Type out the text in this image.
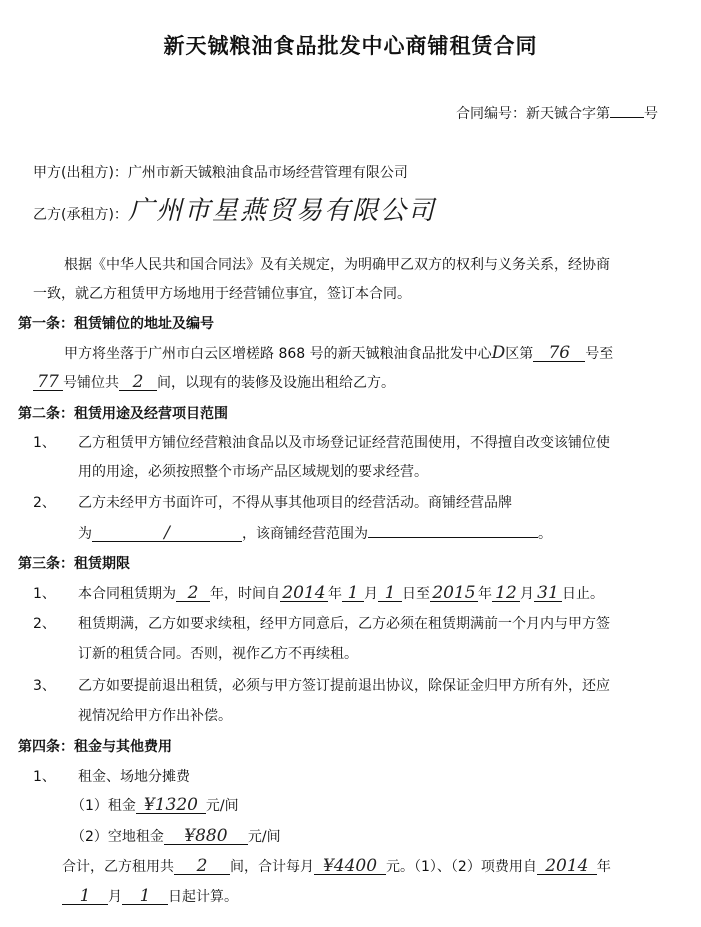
新天铖粮油食品批发中心商铺租赁合同
合同编号：新天铖合字第 号
甲方(出租方)：广州市新天铖粮油食品市场经营管理有限公司
乙方(承租方)：广州市星燕贸易有限公司
根据《中华人民共和国合同法》及有关规定，为明确甲乙双方的权利与义务关系，经协商
一致，就乙方租赁甲方场地用于经营铺位事宜，签订本合同。
第一条：租赁铺位的地址及编号
甲方将坐落于广州市白云区增槎路 868 号的新天铖粮油食品批发中心D区第 76 号至
77 号铺位共 2 间，以现有的装修及设施出租给乙方。
第二条：租赁用途及经营项目范围
1、 乙方租赁甲方铺位经营粮油食品以及市场登记证经营范围使用，不得擅自改变该铺位使
用的用途，必须按照整个市场产品区域规划的要求经营。
2、 乙方未经甲方书面许可，不得从事其他项目的经营活动。商铺经营品牌
为	/	，该商铺经营范围为	。
第三条：租赁期限
1、 本合同租赁期为 2 年，时间自 2014 年 1 月 1 日至 2015 年 12 月 31 日止。
2、 租赁期满，乙方如要求续租，经甲方同意后，乙方必须在租赁期满前一个月内与甲方签
订新的租赁合同。否则，视作乙方不再续租。
3、 乙方如要提前退出租赁，必须与甲方签订提前退出协议，除保证金归甲方所有外，还应
视情况给甲方作出补偿。
第四条：租金与其他费用
1、 租金、场地分摊费
（1）租金 ¥1320 元/间
（2）空地租金 ¥880 元/间
合计，乙方租用共 2 间，合计每月 ¥4400 元。（1）、（2）项费用自 2014 年
1 月 1 日起计算。
